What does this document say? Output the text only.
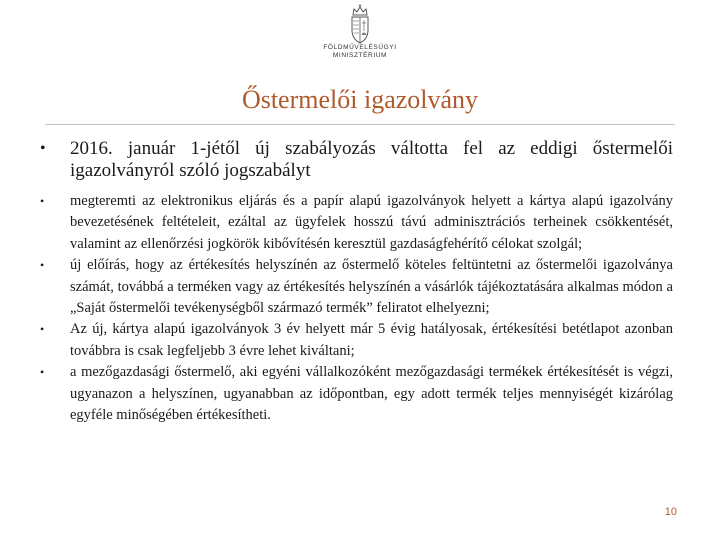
FÖLDMŰVELÉSÜGYI
MINISZTÉRIUM
Őstermelői igazolvány
•	2016. január 1-jétől új szabályozás váltotta fel az eddigi őstermelői igazolványról szóló jogszabályt
•	megteremti az elektronikus eljárás és a papír alapú igazolványok helyett a kártya alapú igazolvány bevezetésének feltételeit, ezáltal az ügyfelek hosszú távú adminisztrációs terheinek csökkentését, valamint az ellenőrzési jogkörök kibővítésén keresztül gazdaságfehérítő célokat szolgál;
•	új előírás, hogy az értékesítés helyszínén az őstermelő köteles feltüntetni az őstermelői igazolványa számát, továbbá a terméken vagy az értékesítés helyszínén a vásárlók tájékoztatására alkalmas módon a „Saját őstermelői tevékenységből származó termék” feliratot elhelyezni;
•	Az új, kártya alapú igazolványok 3 év helyett már 5 évig hatályosak, értékesítési betétlapot azonban továbbra is csak legfeljebb 3 évre lehet kiváltani;
•	a mezőgazdasági őstermelő, aki egyéni vállalkozóként mezőgazdasági termékek értékesítését is végzi, ugyanazon a helyszínen, ugyanabban az időpontban, egy adott termék teljes mennyiségét kizárólag egyféle minőségében értékesítheti.
10
